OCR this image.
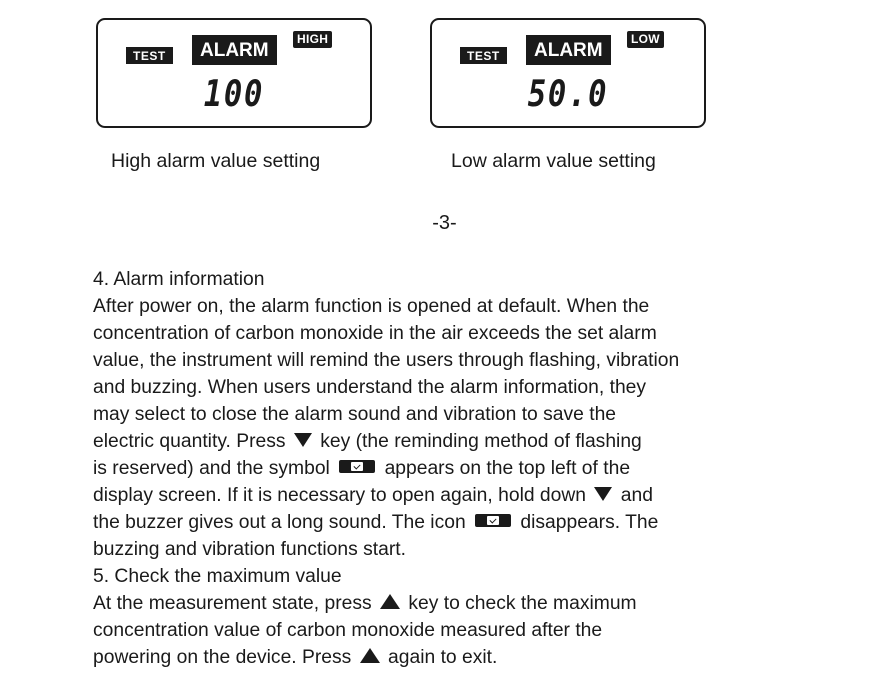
TEST	ALARM
HIGH
100
High alarm value setting
TEST	ALARM
LOW
50.0
Low alarm value setting
-3-
4. Alarm information
After power on, the alarm function is opened at default. When the
concentration of carbon monoxide in the air exceeds the set alarm
value, the instrument will remind the users through flashing, vibration
and buzzing. When users understand the alarm information, they
may select to close the alarm sound and vibration to save the
electric quantity. Press key (the reminding method of flashing
is reserved) and the symbol	appears on the top left of the
display screen. If it is necessary to open again, hold down and
the buzzer gives out a long sound. The icon	disappears. The
buzzing and vibration functions start.
5. Check the maximum value
At the measurement state, press key to check the maximum
concentration value of carbon monoxide measured after the
powering on the device. Press again to exit.
